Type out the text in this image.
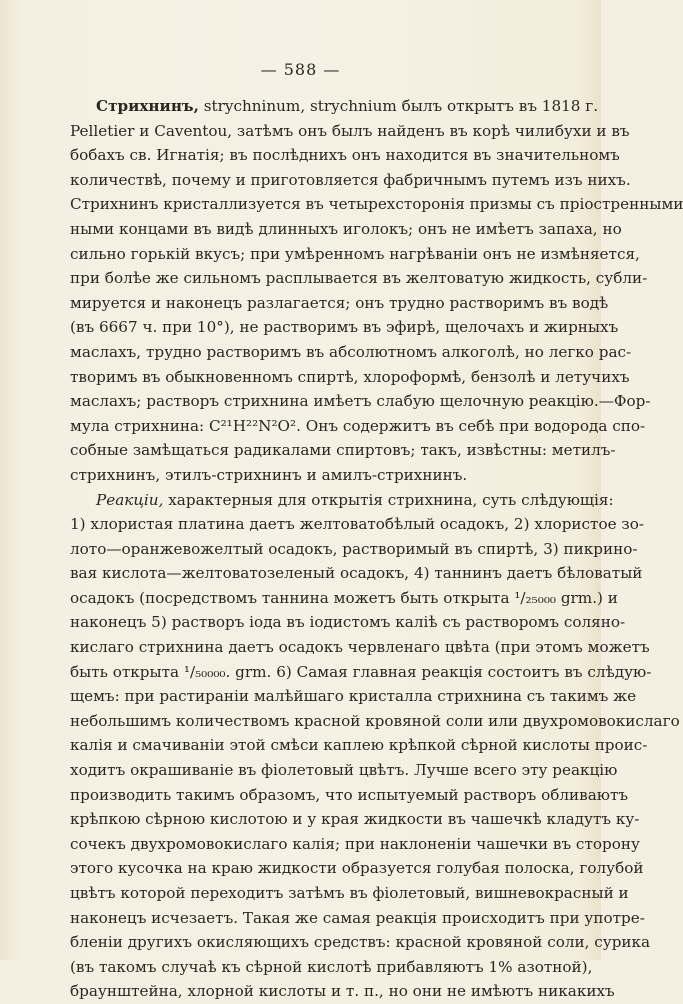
— 588 —
Стрихнинъ, strychninum, strychnium былъ открытъ въ 1818 г.
Pelletier и Caventou, затѣмъ онъ былъ найденъ въ корѣ чилибухи и въ
бобахъ св. Игнатія; въ послѣднихъ онъ находится въ значительномъ
количествѣ, почему и приготовляется фабричнымъ путемъ изъ нихъ.
Стрихнинъ кристаллизуется въ четырехсторонія призмы съ пріостренными
ными концами въ видѣ длинныхъ иголокъ; онъ не имѣетъ запаха, но
сильно горькій вкусъ; при умѣренномъ нагрѣваніи онъ не измѣняется,
при болѣе же сильномъ расплывается въ желтоватую жидкость, субли-
мируется и наконецъ разлагается; онъ трудно растворимъ въ водѣ
(въ 6667 ч. при 10°), не растворимъ въ эфирѣ, щелочахъ и жирныхъ
маслахъ, трудно растворимъ въ абсолютномъ алкоголѣ, но легко рас-
творимъ въ обыкновенномъ спиртѣ, хлороформѣ, бензолѣ и летучихъ
маслахъ; растворъ стрихнина имѣетъ слабую щелочную реакцію.—Фор-
мула стрихнина: C²¹H²²N²O². Онъ содержитъ въ себѣ при водорода спо-
собные замѣщаться радикалами спиртовъ; такъ, извѣстны: метилъ-
стрихнинъ, этилъ-стрихнинъ и амилъ-стрихнинъ.
Реакціи, характерныя для открытія стрихнина, суть слѣдующія:
1) хлористая платина даетъ желтоватобѣлый осадокъ, 2) хлористое зо-
лото—оранжевожелтый осадокъ, растворимый въ спиртѣ, 3) пикрино-
вая кислота—желтоватозеленый осадокъ, 4) таннинъ даетъ бѣловатый
осадокъ (посредствомъ таннина можетъ быть открыта ¹/₂₅₀₀₀ grm.) и
наконецъ 5) растворъ іода въ іодистомъ каліѣ съ растворомъ соляно-
кислаго стрихнина даетъ осадокъ червленаго цвѣта (при этомъ можетъ
быть открыта ¹/₅₀₀₀₀. grm. 6) Самая главная реакція состоитъ въ слѣдую-
щемъ: при растираніи малѣйшаго кристалла стрихнина съ такимъ же
небольшимъ количествомъ красной кровяной соли или двухромовокислаго
калія и смачиваніи этой смѣси каплею крѣпкой сѣрной кислоты проис-
ходитъ окрашиваніе въ фіолетовый цвѣтъ. Лучше всего эту реакцію
производить такимъ образомъ, что испытуемый растворъ обливаютъ
крѣпкою сѣрною кислотою и у края жидкости въ чашечкѣ кладутъ ку-
сочекъ двухромовокислаго калія; при наклоненіи чашечки въ сторону
этого кусочка на краю жидкости образуется голубая полоска, голубой
цвѣтъ которой переходитъ затѣмъ въ фіолетовый, вишневокрасный и
наконецъ исчезаетъ. Такая же самая реакція происходитъ при употре-
бленіи другихъ окисляющихъ средствъ: красной кровяной соли, сурика
(въ такомъ случаѣ къ сѣрной кислотѣ прибавляютъ 1% азотной),
браунштейна, хлорной кислоты и т. п., но они не имѣютъ никакихъ
